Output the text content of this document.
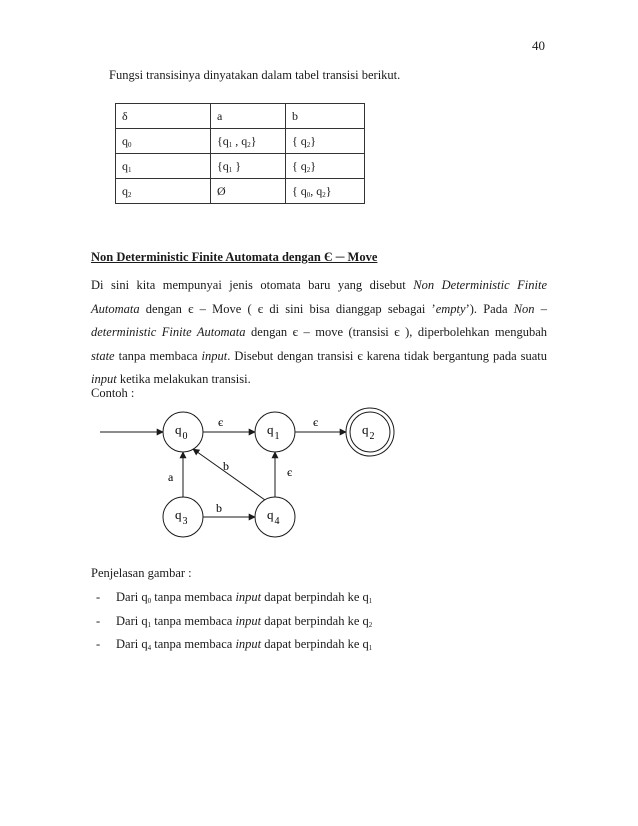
40
Fungsi transisinya dinyatakan dalam tabel transisi berikut.
δ	a	b
$q_0$	{$q_1$ , $q_2$}	{ $q_2$}
$q_1$	{$q_1$ }	{ $q_2$}
$q_2$	Ø	{ $q_0$, $q_2$}
Non Deterministic Finite Automata dengan Є ─ Move
Di sini kita mempunyai jenis otomata baru yang disebut Non Deterministic Finite Automata dengan є – Move ( є di sini bisa dianggap sebagai ’empty’). Pada Non – deterministic Finite Automata dengan є – move (transisi є ), diperbolehkan mengubah state tanpa membaca input. Disebut dengan transisi є karena tidak bergantung pada suatu input ketika melakukan transisi.
Contoh :
є	є
a
b	є
b
$q_0$	$q_1$	$q_2$
$q_3$	$q_4$
Penjelasan gambar :
- Dari $q_0$ tanpa membaca input dapat berpindah ke $q_1$
- Dari $q_1$ tanpa membaca input dapat berpindah ke $q_2$
- Dari $q_4$ tanpa membaca input dapat berpindah ke $q_1$
